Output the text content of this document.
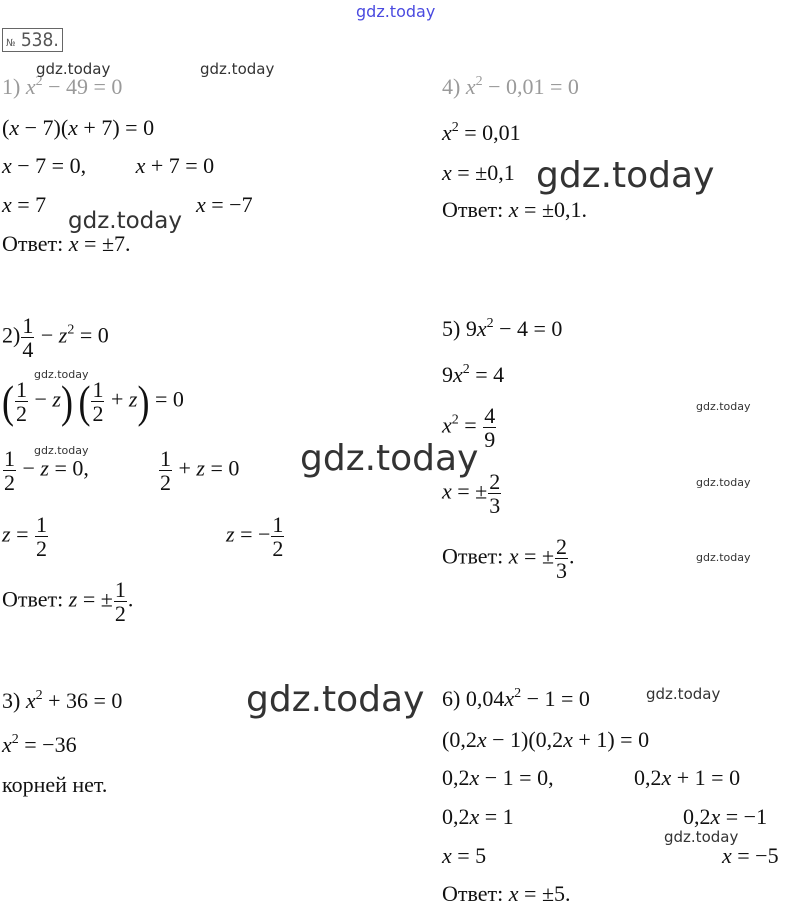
gdz.today
№ 538.
1) $x^2 - 49 = 0$
(x − 7)(x + 7) = 0
x − 7 = 0,         x + 7 = 0
x = 7	x = −7
Ответ: x = ±7.
$2) \frac{1}{4} - z^2 = 0$
( $\frac{1}{2} - z$) ( $\frac{1}{2} + z) = 0$
$\frac{1}{2} - z = 0$,	$\frac{1}{2} + z = 0$
$z = \frac{1}{2}$	z = − $\frac{1}{2}$
Ответ: z = ± $\frac{1}{2}$ .
3) $x^2 + 36 = 0$
$x^2 = -36$
корней нет.
4) $x^2 - 0,01 = 0$
$x^2 = 0,01$
x = ±0,1
Ответ: x = ±0,1.
5) $9x^2 - 4 = 0$
$9x^2 = 4$
$x^2 = \frac{4}{9}$
x = ± $\frac{2}{3}$
Ответ: x = ± $\frac{2}{3}$ .
6) $0,04x^2 - 1 = 0$
(0,2x − 1)(0,2x + 1) = 0
0,2x − 1 = 0,	0,2x + 1 = 0
0,2x = 1	0,2x = −1
x = 5	x = −5
Ответ: x = ±5.
gdz.today	gdz.today
gdz.today
gdz.today
gdz.today
gdz.today	gdz.today
gdz.today
gdz.today
gdz.today
gdz.today	gdz.today
gdz.today
